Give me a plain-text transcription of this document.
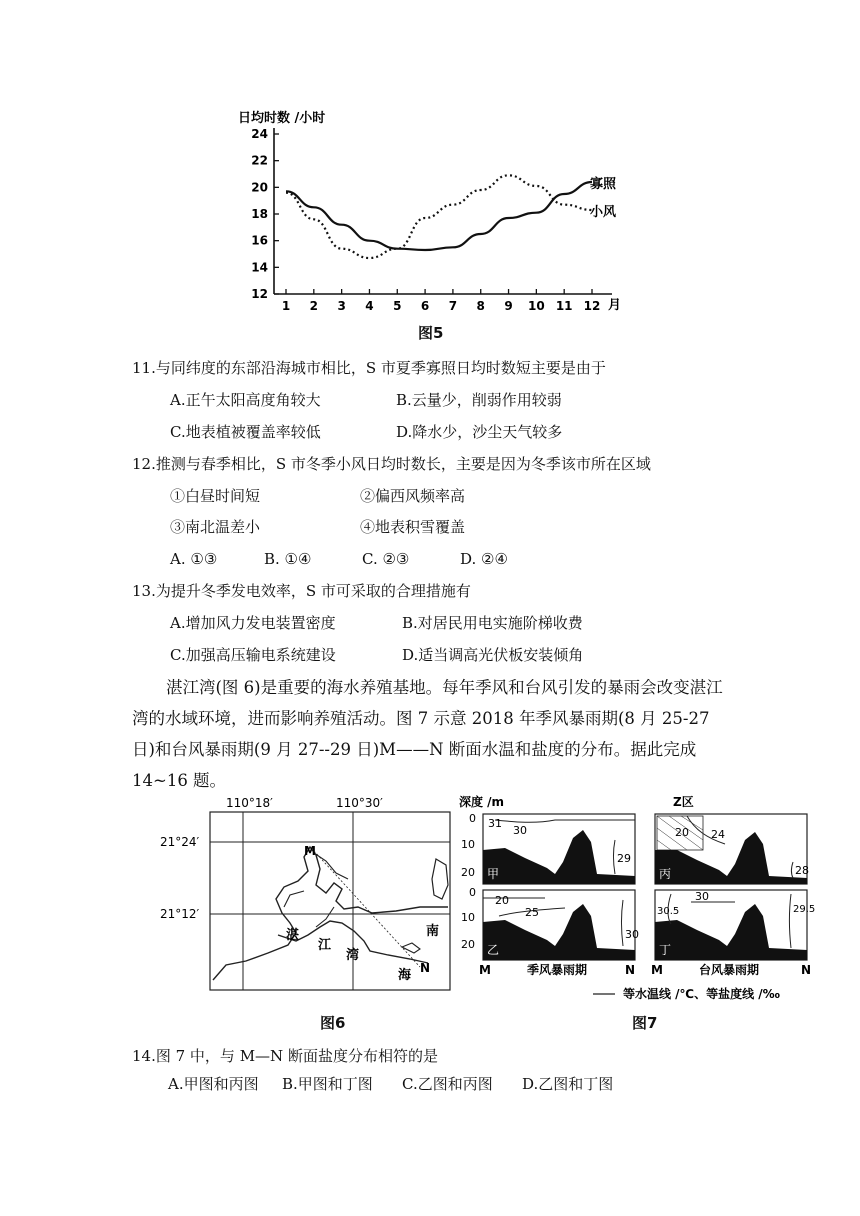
日均时数 /小时
月
12
14
16
18
20
22
24
1 2 3 4 5 6 7 8 9 10 11 12
寡照
小风
图5
11.与同纬度的东部沿海城市相比，S 市夏季寡照日均时数短主要是由于
A.正午太阳高度角较大	B.云量少，削弱作用较弱
C.地表植被覆盖率较低	D.降水少，沙尘天气较多
12.推测与春季相比，S 市冬季小风日均时数长，主要是因为冬季该市所在区域
①白昼时间短	②偏西风频率高
③南北温差小	④地表积雪覆盖
A. ①③	B. ①④	C. ②③	D. ②④
13.为提升冬季发电效率，S 市可采取的合理措施有
A.增加风力发电装置密度	B.对居民用电实施阶梯收费
C.加强高压输电系统建设	D.适当调高光伏板安装倾角
湛江湾(图 6)是重要的海水养殖基地。每年季风和台风引发的暴雨会改变湛江湾的水域环境，进而影响养殖活动。图 7 示意 2018 年季风暴雨期(8 月 25-27 日)和台风暴雨期(9 月 27--29 日)M——N 断面水温和盐度的分布。据此完成 14~16 题。
110°18′	110°30′
21°24′
21°12′
M
N
湛
江
湾
南
海
图6
深度 /m	Z区
0
10
20
0
10
20
31
30
29
甲
20
25
30
乙
20 24
28
丙
30.5
30
29.5
丁
M	季风暴雨期	N M	台风暴雨期	N
等水温线 /℃、等盐度线 /‰
图7
14.图 7 中，与 M—N 断面盐度分布相符的是
A.甲图和丙图 B.甲图和丁图 C.乙图和丙图 D.乙图和丁图
